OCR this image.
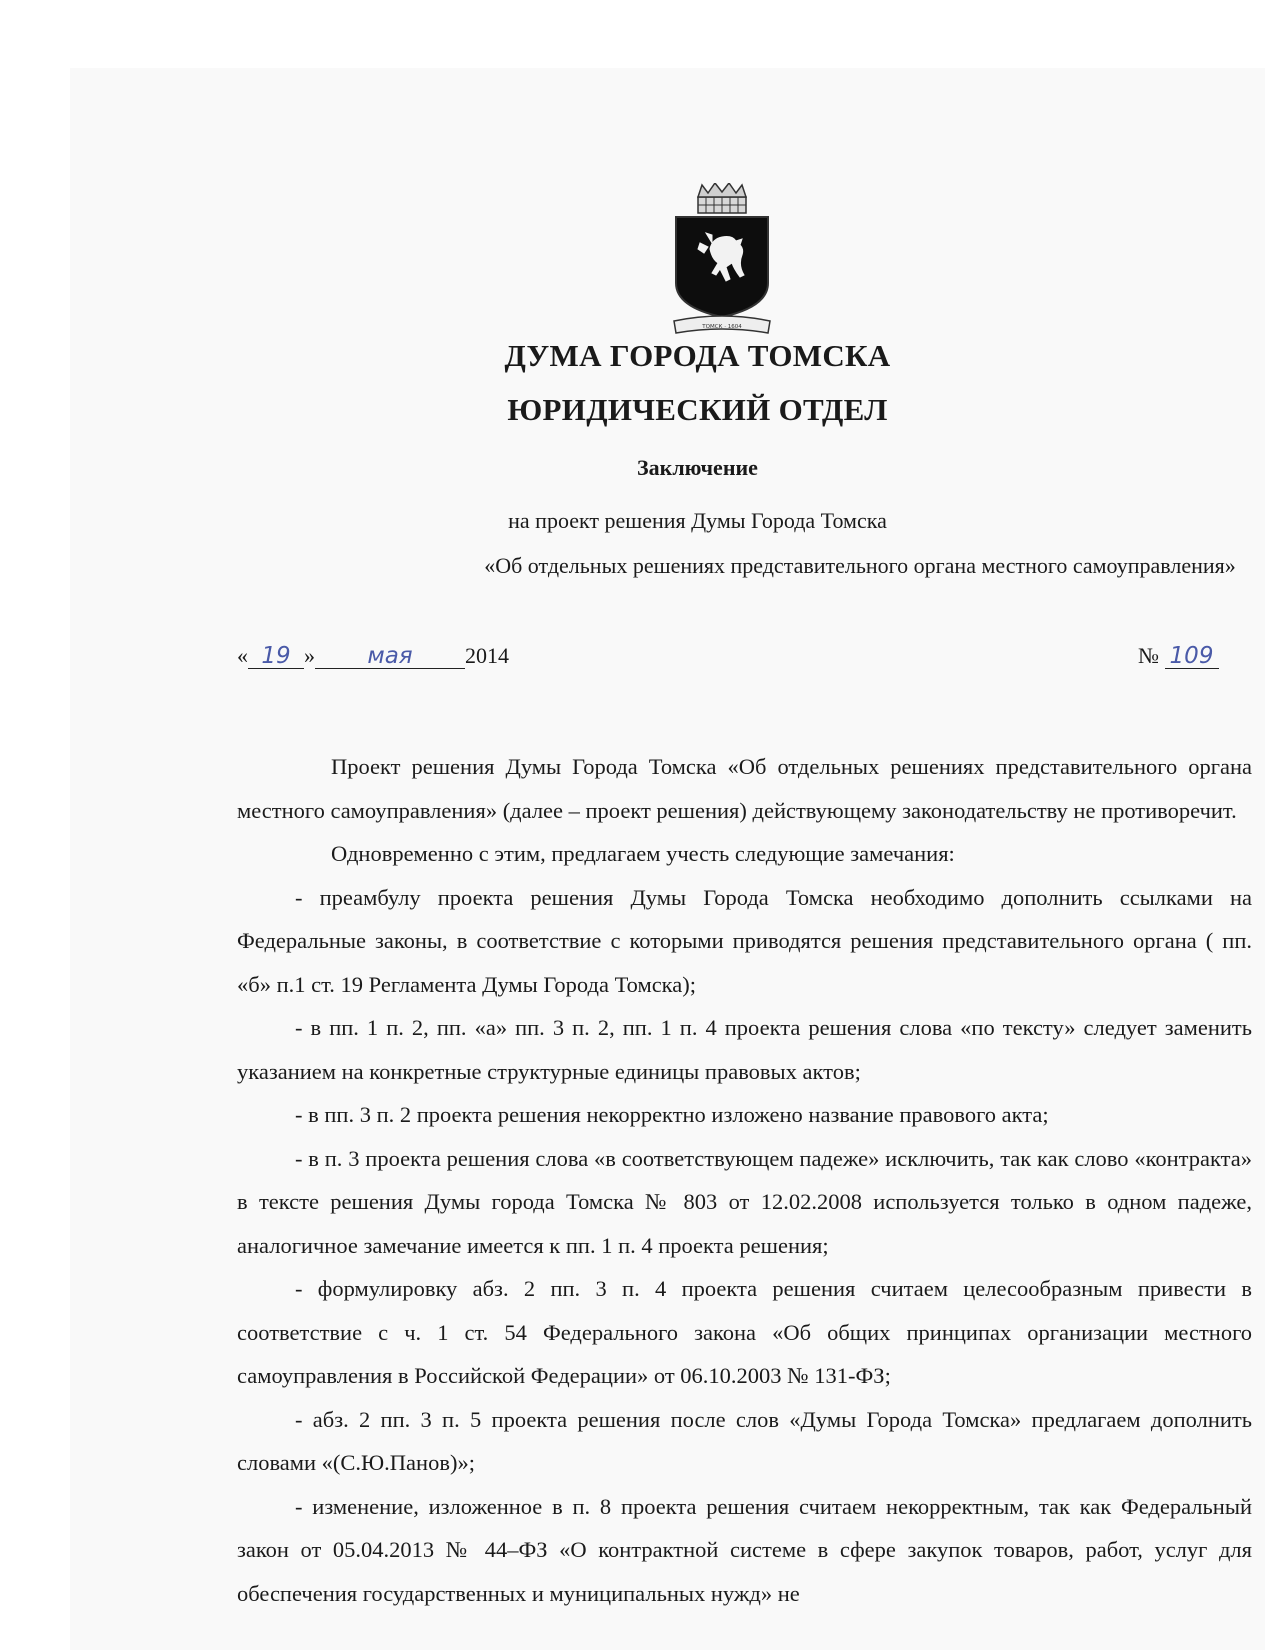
ТОМСК · 1604
ДУМА ГОРОДА ТОМСКА
ЮРИДИЧЕСКИЙ ОТДЕЛ
Заключение
на проект решения Думы Города Томска
«Об отдельных решениях представительного органа местного самоуправления»
« 19 » мая 2014	№ 109

Проект решения Думы Города Томска «Об отдельных решениях представительного органа местного самоуправления» (далее – проект решения) действующему законодательству не противоречит.

Одновременно с этим, предлагаем учесть следующие замечания:

- преамбулу проекта решения Думы Города Томска необходимо дополнить ссылками на Федеральные законы, в соответствие с которыми приводятся решения представительного органа ( пп. «б» п.1 ст. 19 Регламента Думы Города Томска);

- в пп. 1 п. 2, пп. «а» пп. 3 п. 2, пп. 1 п. 4 проекта решения слова «по тексту» следует заменить указанием на конкретные структурные единицы правовых актов;

- в пп. 3 п. 2 проекта решения некорректно изложено название правового акта;

- в п. 3 проекта решения слова «в соответствующем падеже» исключить, так как слово «контракта» в тексте решения Думы города Томска № 803 от 12.02.2008 используется только в одном падеже, аналогичное замечание имеется к пп. 1 п. 4 проекта решения;

- формулировку абз. 2 пп. 3 п. 4 проекта решения считаем целесообразным привести в соответствие с ч. 1 ст. 54 Федерального закона «Об общих принципах организации местного самоуправления в Российской Федерации» от 06.10.2003 № 131-ФЗ;

- абз. 2 пп. 3 п. 5 проекта решения после слов «Думы Города Томска» предлагаем дополнить словами «(С.Ю.Панов)»;

- изменение, изложенное в п. 8 проекта решения считаем некорректным, так как Федеральный закон от 05.04.2013 № 44–ФЗ «О контрактной системе в сфере закупок товаров, работ, услуг для обеспечения государственных и муниципальных нужд» не
